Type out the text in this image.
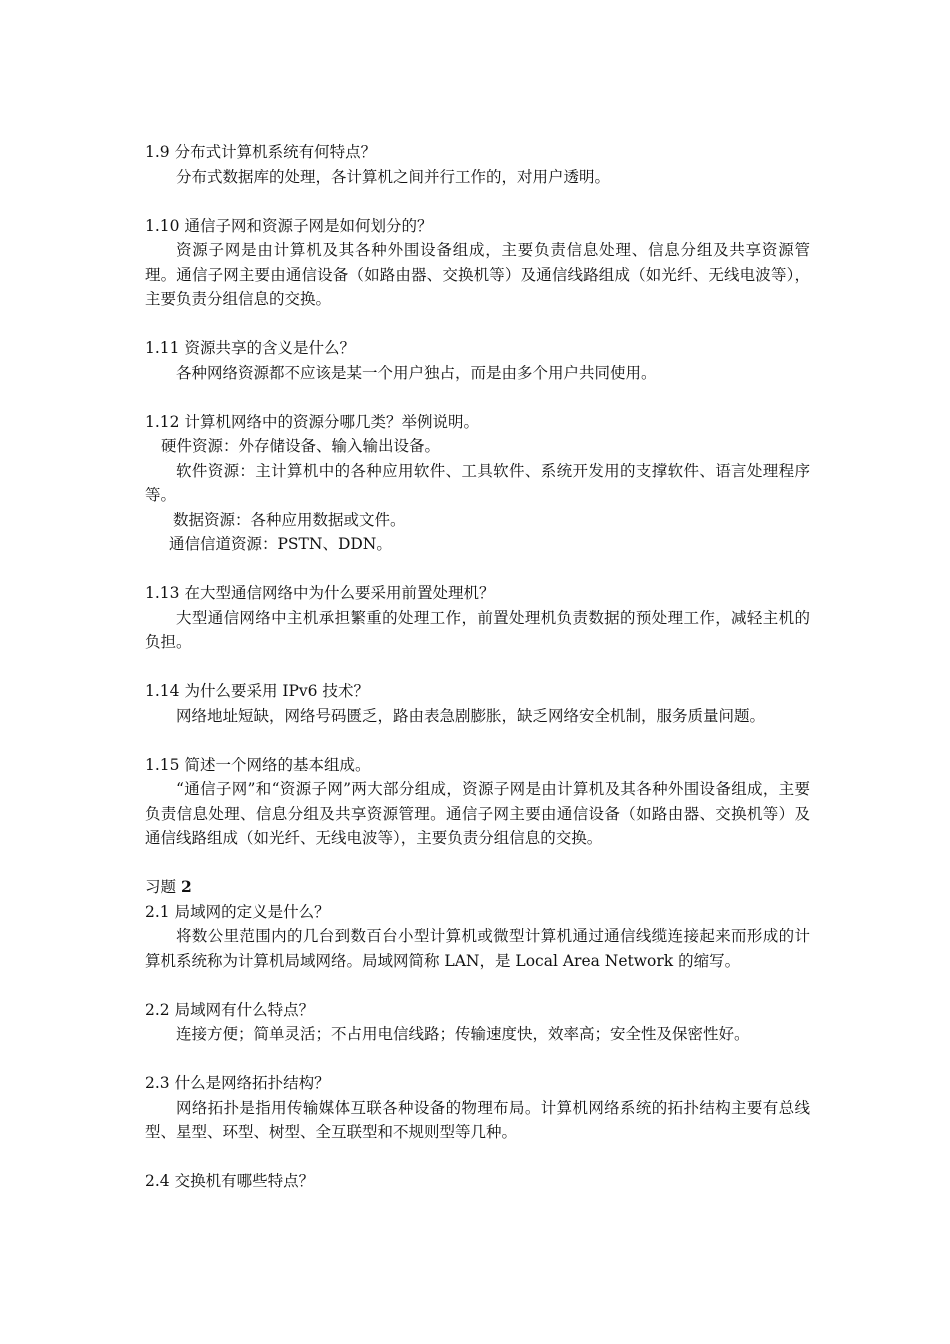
1.9 分布式计算机系统有何特点？

分布式数据库的处理，各计算机之间并行工作的，对用户透明。

1.10 通信子网和资源子网是如何划分的？

资源子网是由计算机及其各种外围设备组成，主要负责信息处理、信息分组及共享资源管理。通信子网主要由通信设备（如路由器、交换机等）及通信线路组成（如光纤、无线电波等），主要负责分组信息的交换。

1.11 资源共享的含义是什么？

各种网络资源都不应该是某一个用户独占，而是由多个用户共同使用。

1.12 计算机网络中的资源分哪几类？举例说明。

硬件资源：外存储设备、输入输出设备。

软件资源：主计算机中的各种应用软件、工具软件、系统开发用的支撑软件、语言处理程序等。

数据资源：各种应用数据或文件。

通信信道资源：PSTN、DDN。

1.13 在大型通信网络中为什么要采用前置处理机？

大型通信网络中主机承担繁重的处理工作，前置处理机负责数据的预处理工作，减轻主机的负担。

1.14 为什么要采用 IPv6 技术？

网络地址短缺，网络号码匮乏，路由表急剧膨胀，缺乏网络安全机制，服务质量问题。

1.15 简述一个网络的基本组成。

“通信子网”和“资源子网”两大部分组成，资源子网是由计算机及其各种外围设备组成，主要负责信息处理、信息分组及共享资源管理。通信子网主要由通信设备（如路由器、交换机等）及通信线路组成（如光纤、无线电波等），主要负责分组信息的交换。

习题 2

2.1 局域网的定义是什么？

将数公里范围内的几台到数百台小型计算机或微型计算机通过通信线缆连接起来而形成的计算机系统称为计算机局域网络。局域网简称 LAN，是 Local Area Network 的缩写。

2.2 局域网有什么特点？

连接方便；简单灵活；不占用电信线路；传输速度快，效率高；安全性及保密性好。

2.3 什么是网络拓扑结构？

网络拓扑是指用传输媒体互联各种设备的物理布局。计算机网络系统的拓扑结构主要有总线型、星型、环型、树型、全互联型和不规则型等几种。

2.4 交换机有哪些特点？
